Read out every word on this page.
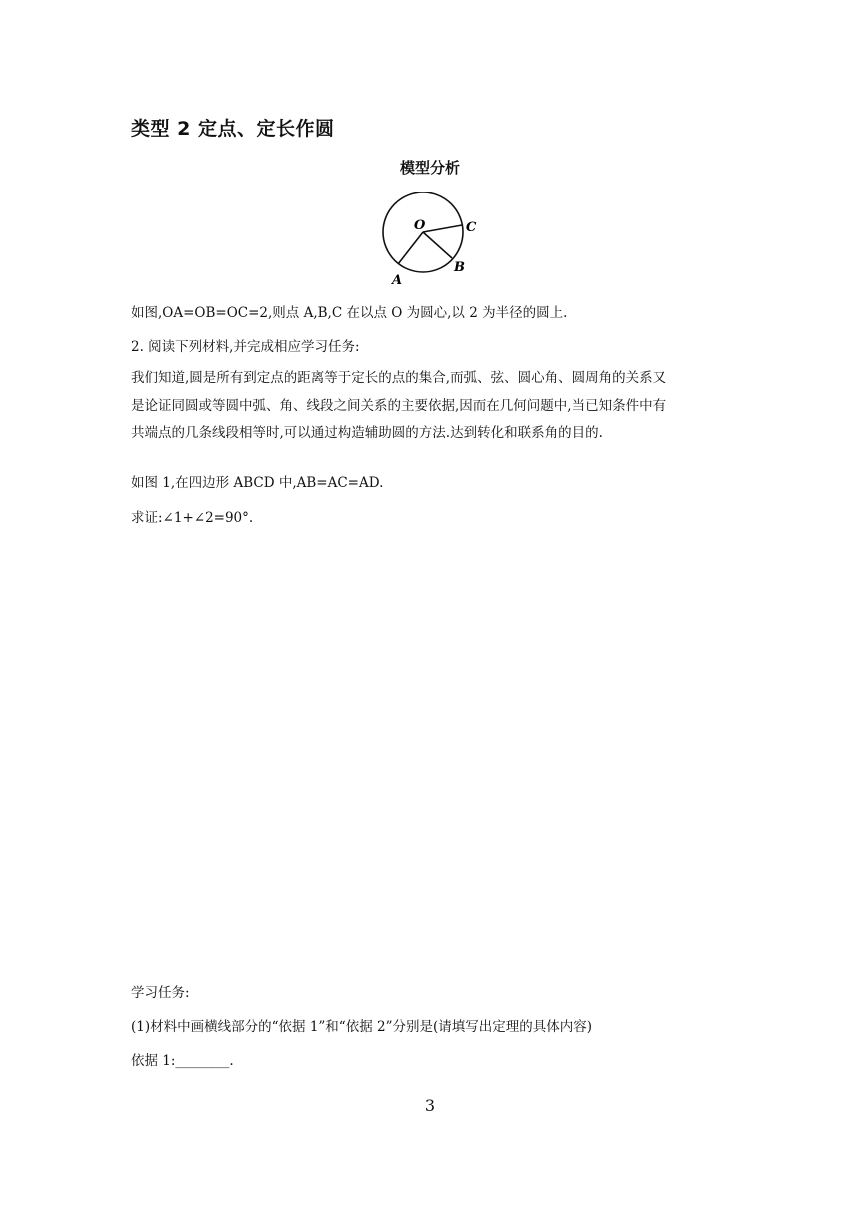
类型 2 定点、定长作圆
模型分析
O	C
B
A
如图,OA=OB=OC=2,则点 A,B,C 在以点 O 为圆心,以 2 为半径的圆上.
2. 阅读下列材料,并完成相应学习任务:
我们知道,圆是所有到定点的距离等于定长的点的集合,而弧、弦、圆心角、圆周角的关系又
是论证同圆或等圆中弧、角、线段之间关系的主要依据,因而在几何问题中,当已知条件中有
共端点的几条线段相等时,可以通过构造辅助圆的方法.达到转化和联系角的目的.
如图 1,在四边形 ABCD 中,AB=AC=AD.
求证:∠1+∠2=90°.
学习任务:
(1)材料中画横线部分的“依据 1”和“依据 2”分别是(请填写出定理的具体内容)
依据 1:________.
3
